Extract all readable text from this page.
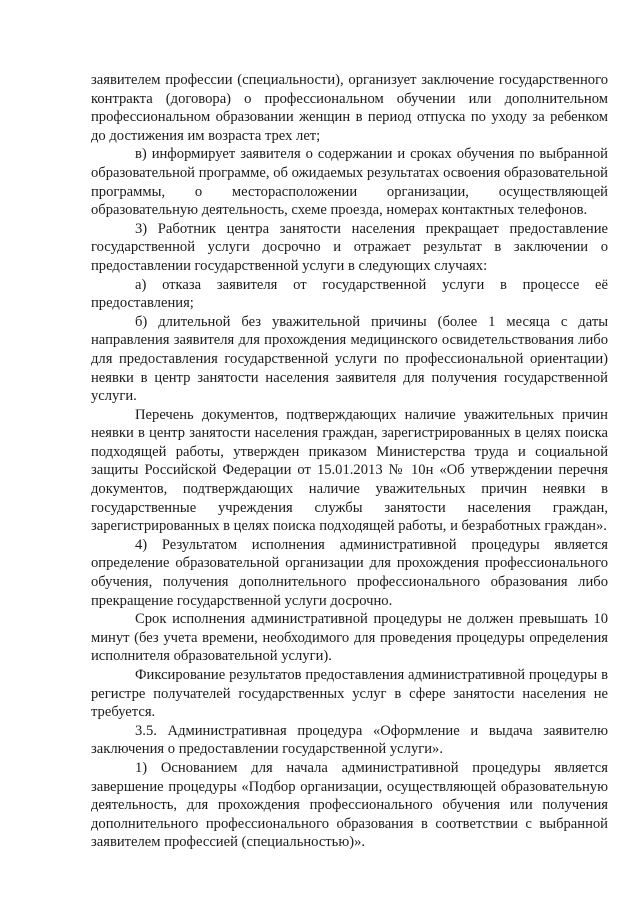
заявителем профессии (специальности), организует заключение государственного контракта (договора) о профессиональном обучении или дополнительном профессиональном образовании женщин в период отпуска по уходу за ребенком до достижения им возраста трех лет;

в) информирует заявителя о содержании и сроках обучения по выбранной образовательной программе, об ожидаемых результатах освоения образовательной программы, о месторасположении организации, осуществляющей образовательную деятельность, схеме проезда, номерах контактных телефонов.

3) Работник центра занятости населения прекращает предоставление государственной услуги досрочно и отражает результат в заключении о предоставлении государственной услуги в следующих случаях:

а) отказа заявителя от государственной услуги в процессе её предоставления;

б) длительной без уважительной причины (более 1 месяца с даты направления заявителя для прохождения медицинского освидетельствования либо для предоставления государственной услуги по профессиональной ориентации) неявки в центр занятости населения заявителя для получения государственной услуги.

Перечень документов, подтверждающих наличие уважительных причин неявки в центр занятости населения граждан, зарегистрированных в целях поиска подходящей работы, утвержден приказом Министерства труда и социальной защиты Российской Федерации от 15.01.2013 № 10н «Об утверждении перечня документов, подтверждающих наличие уважительных причин неявки в государственные учреждения службы занятости населения граждан, зарегистрированных в целях поиска подходящей работы, и безработных граждан».

4) Результатом исполнения административной процедуры является определение образовательной организации для прохождения профессионального обучения, получения дополнительного профессионального образования либо прекращение государственной услуги досрочно.

Срок исполнения административной процедуры не должен превышать 10 минут (без учета времени, необходимого для проведения процедуры определения исполнителя образовательной услуги).

Фиксирование результатов предоставления административной процедуры в регистре получателей государственных услуг в сфере занятости населения не требуется.

3.5. Административная процедура «Оформление и выдача заявителю заключения о предоставлении государственной услуги».

1) Основанием для начала административной процедуры является завершение процедуры «Подбор организации, осуществляющей образовательную деятельность, для прохождения профессионального обучения или получения дополнительного профессионального образования в соответствии с выбранной заявителем профессией (специальностью)».
